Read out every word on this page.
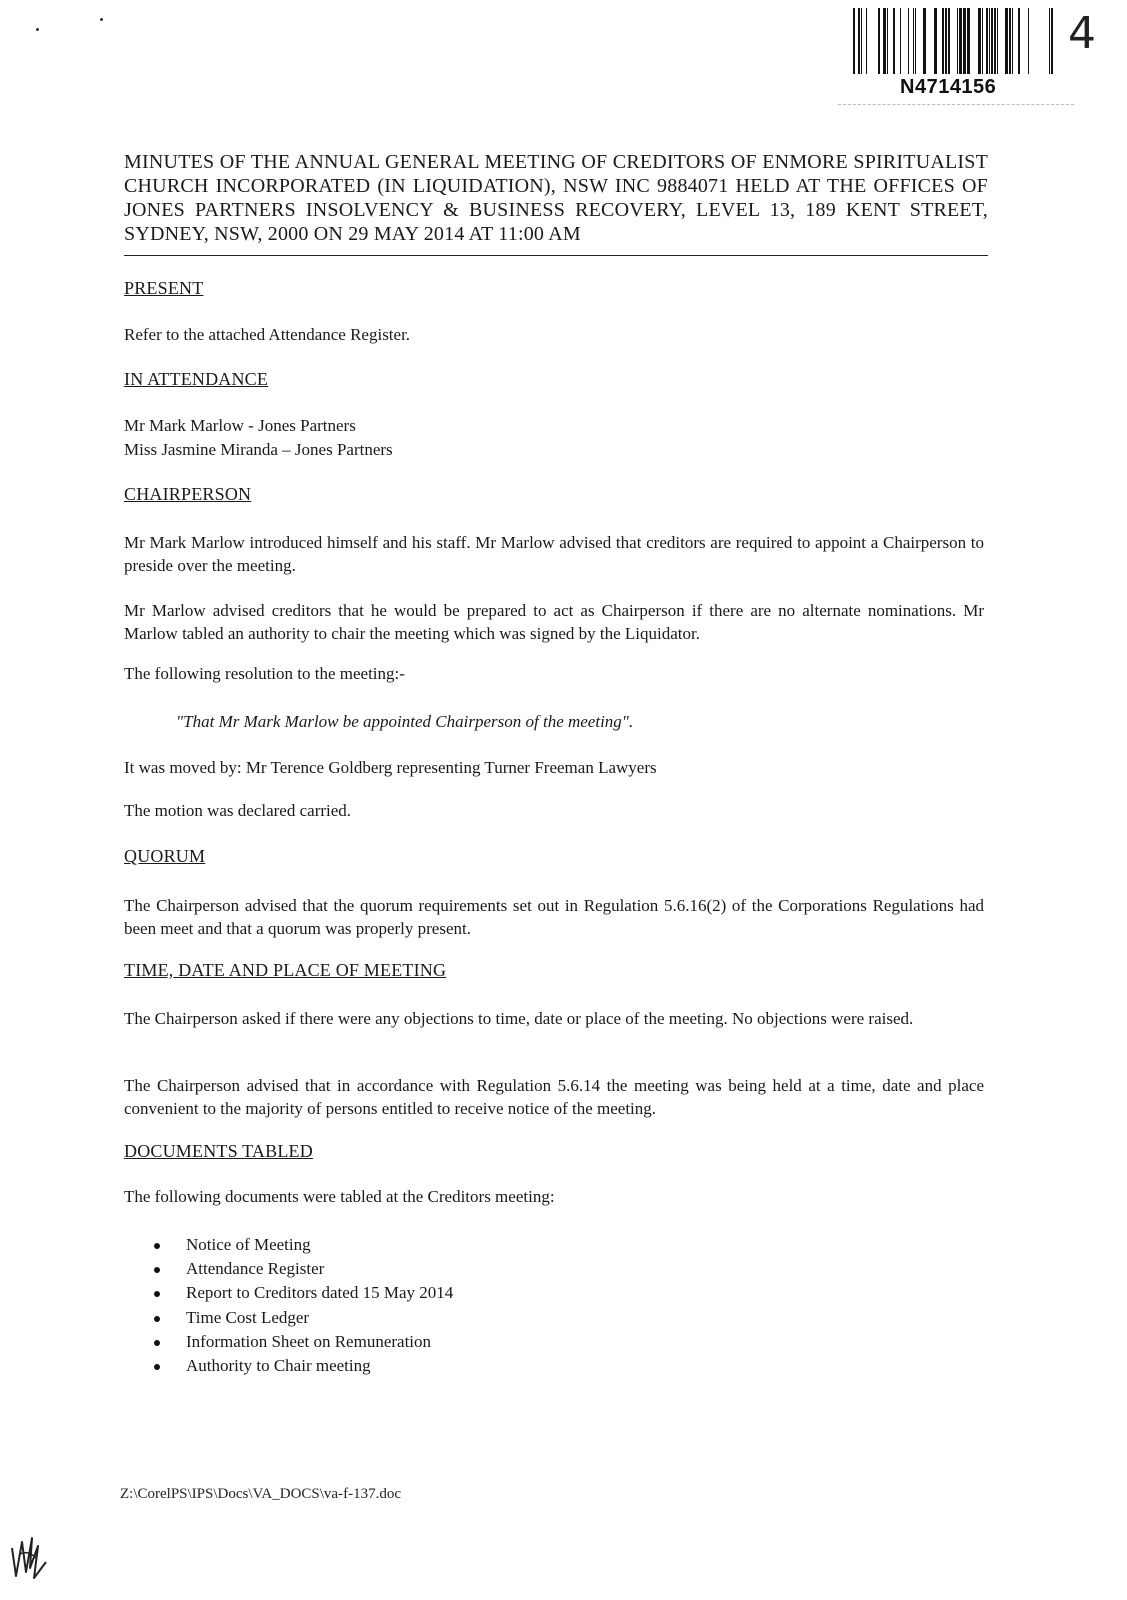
N4714156
4
MINUTES OF THE ANNUAL GENERAL MEETING OF CREDITORS OF ENMORE SPIRITUALIST CHURCH INCORPORATED (IN LIQUIDATION), NSW INC 9884071 HELD AT THE OFFICES OF JONES PARTNERS INSOLVENCY & BUSINESS RECOVERY, LEVEL 13, 189 KENT STREET, SYDNEY, NSW, 2000 ON 29 MAY 2014 AT 11:00 AM
PRESENT
Refer to the attached Attendance Register.
IN ATTENDANCE
Mr Mark Marlow - Jones Partners
Miss Jasmine Miranda – Jones Partners
CHAIRPERSON
Mr Mark Marlow introduced himself and his staff. Mr Marlow advised that creditors are required to appoint a Chairperson to preside over the meeting.
Mr Marlow advised creditors that he would be prepared to act as Chairperson if there are no alternate nominations. Mr Marlow tabled an authority to chair the meeting which was signed by the Liquidator.
The following resolution to the meeting:-
"That Mr Mark Marlow be appointed Chairperson of the meeting".
It was moved by: Mr Terence Goldberg representing Turner Freeman Lawyers
The motion was declared carried.
QUORUM
The Chairperson advised that the quorum requirements set out in Regulation 5.6.16(2) of the Corporations Regulations had been meet and that a quorum was properly present.
TIME, DATE AND PLACE OF MEETING
The Chairperson asked if there were any objections to time, date or place of the meeting. No objections were raised.
The Chairperson advised that in accordance with Regulation 5.6.14 the meeting was being held at a time, date and place convenient to the majority of persons entitled to receive notice of the meeting.
DOCUMENTS TABLED
The following documents were tabled at the Creditors meeting:
Notice of Meeting
Attendance Register
Report to Creditors dated 15 May 2014
Time Cost Ledger
Information Sheet on Remuneration
Authority to Chair meeting
Z:\CorelPS\IPS\Docs\VA_DOCS\va-f-137.doc
